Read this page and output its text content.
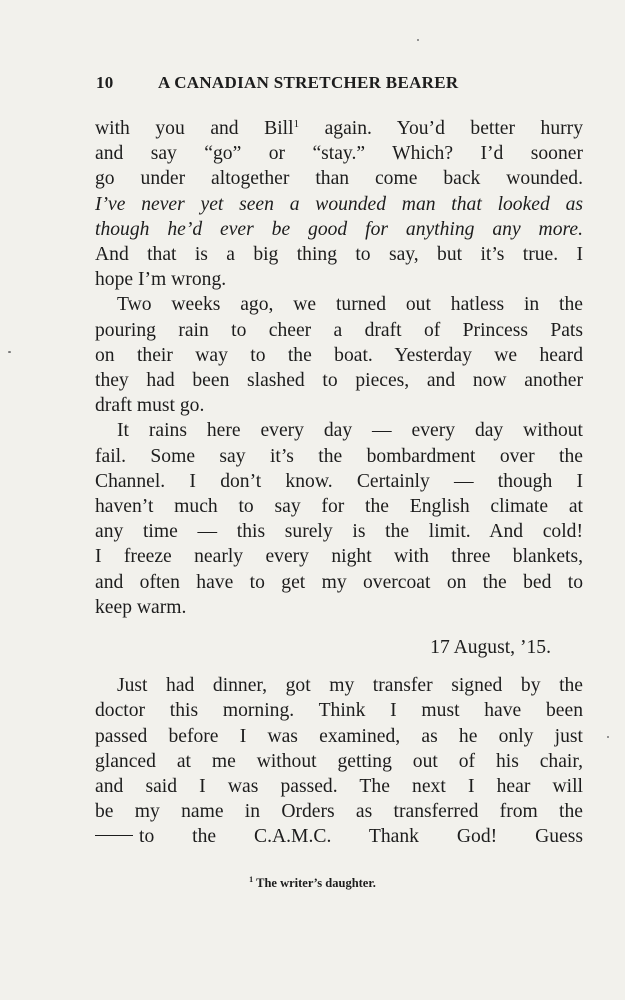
10	A CANADIAN STRETCHER BEARER

with you and Bill$^1$ again. You’d better hurry
and say “go” or “stay.” Which? I’d sooner
go under altogether than come back wounded.
I’ve never yet seen a wounded man that looked as
though he’d ever be good for anything any more.
And that is a big thing to say, but it’s true. I
hope I’m wrong.

Two weeks ago, we turned out hatless in the
pouring rain to cheer a draft of Princess Pats
on their way to the boat. Yesterday we heard
they had been slashed to pieces, and now another
draft must go.

It rains here every day — every day without
fail. Some say it’s the bombardment over the
Channel. I don’t know. Certainly — though I
haven’t much to say for the English climate at
any time — this surely is the limit. And cold!
I freeze nearly every night with three blankets,
and often have to get my overcoat on the bed to
keep warm.

17 August, ’15.

Just had dinner, got my transfer signed by the
doctor this morning. Think I must have been
passed before I was examined, as he only just
glanced at me without getting out of his chair,
and said I was passed. The next I hear will
be my name in Orders as transferred from the
to the C.A.M.C. Thank God! Guess

$^1$ The writer’s daughter.
